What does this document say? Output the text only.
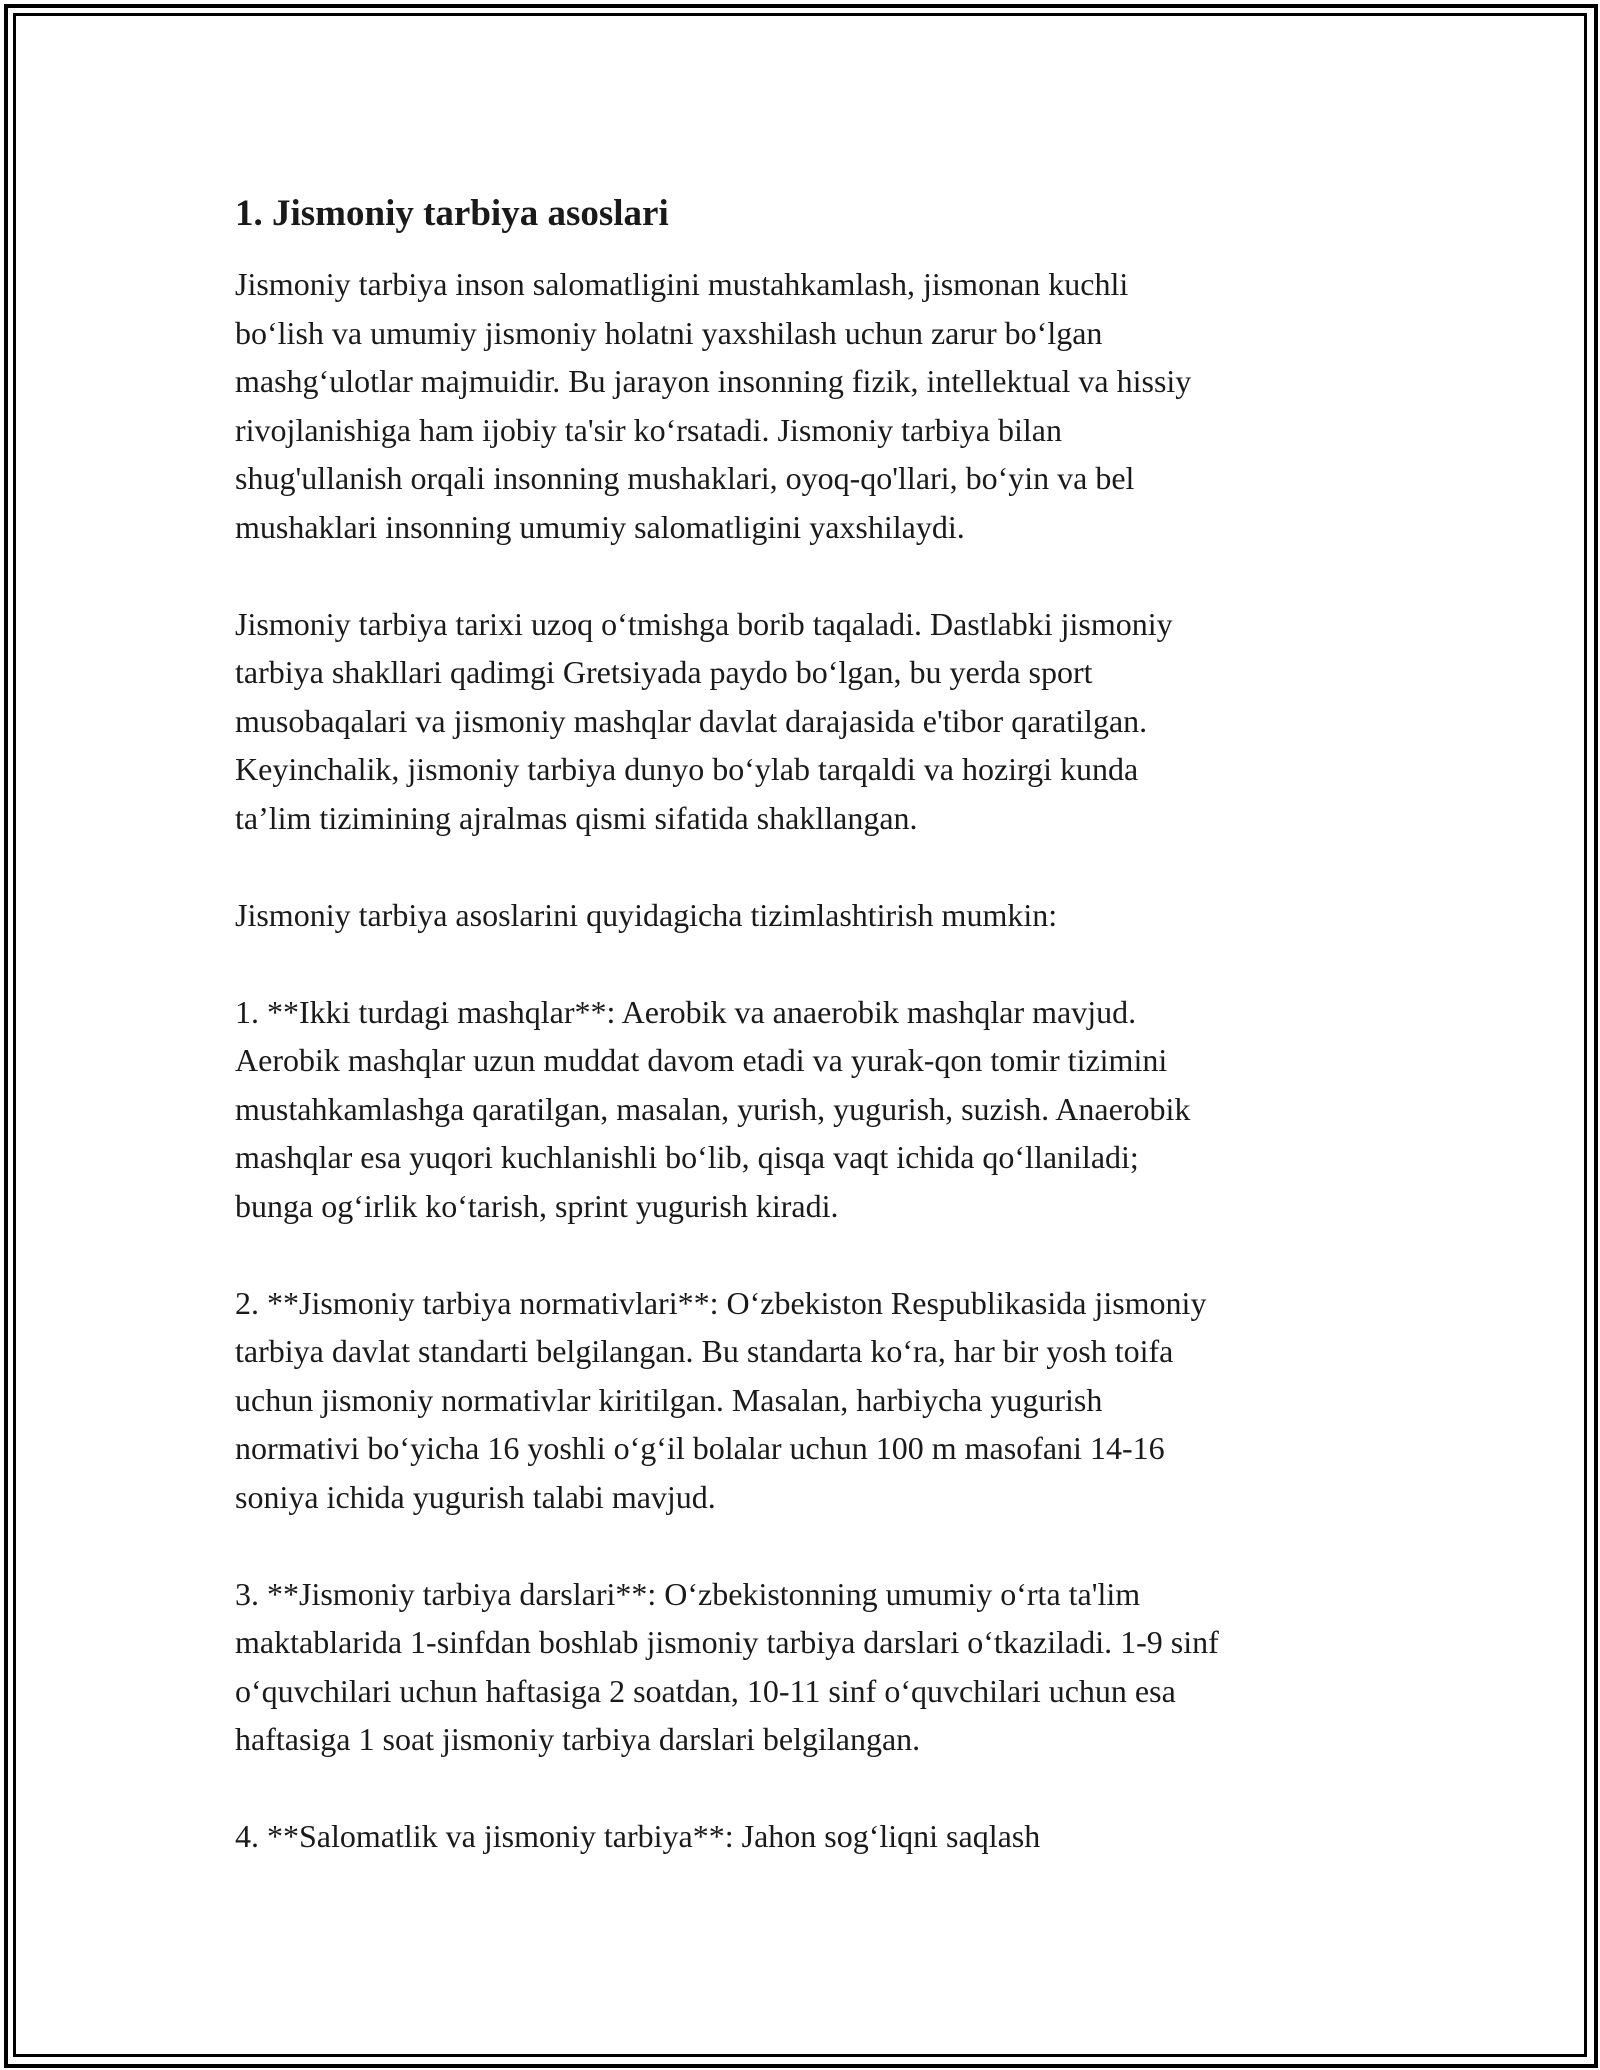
1. Jismoniy tarbiya asoslari

Jismoniy tarbiya inson salomatligini mustahkamlash, jismonan kuchli
bo‘lish va umumiy jismoniy holatni yaxshilash uchun zarur bo‘lgan
mashg‘ulotlar majmuidir. Bu jarayon insonning fizik, intellektual va hissiy
rivojlanishiga ham ijobiy ta'sir ko‘rsatadi. Jismoniy tarbiya bilan
shug'ullanish orqali insonning mushaklari, oyoq-qo'llari, bo‘yin va bel
mushaklari insonning umumiy salomatligini yaxshilaydi.

Jismoniy tarbiya tarixi uzoq o‘tmishga borib taqaladi. Dastlabki jismoniy
tarbiya shakllari qadimgi Gretsiyada paydo bo‘lgan, bu yerda sport
musobaqalari va jismoniy mashqlar davlat darajasida e'tibor qaratilgan.
Keyinchalik, jismoniy tarbiya dunyo bo‘ylab tarqaldi va hozirgi kunda
ta’lim tizimining ajralmas qismi sifatida shakllangan.

Jismoniy tarbiya asoslarini quyidagicha tizimlashtirish mumkin:

1. **Ikki turdagi mashqlar**: Aerobik va anaerobik mashqlar mavjud.
Aerobik mashqlar uzun muddat davom etadi va yurak-qon tomir tizimini
mustahkamlashga qaratilgan, masalan, yurish, yugurish, suzish. Anaerobik
mashqlar esa yuqori kuchlanishli bo‘lib, qisqa vaqt ichida qo‘llaniladi;
bunga og‘irlik ko‘tarish, sprint yugurish kiradi.

2. **Jismoniy tarbiya normativlari**: O‘zbekiston Respublikasida jismoniy
tarbiya davlat standarti belgilangan. Bu standarta ko‘ra, har bir yosh toifa
uchun jismoniy normativlar kiritilgan. Masalan, harbiycha yugurish
normativi bo‘yicha 16 yoshli o‘g‘il bolalar uchun 100 m masofani 14-16
soniya ichida yugurish talabi mavjud.

3. **Jismoniy tarbiya darslari**: O‘zbekistonning umumiy o‘rta ta'lim
maktablarida 1-sinfdan boshlab jismoniy tarbiya darslari o‘tkaziladi. 1-9 sinf
o‘quvchilari uchun haftasiga 2 soatdan, 10-11 sinf o‘quvchilari uchun esa
haftasiga 1 soat jismoniy tarbiya darslari belgilangan.

4. **Salomatlik va jismoniy tarbiya**: Jahon sog‘liqni saqlash
